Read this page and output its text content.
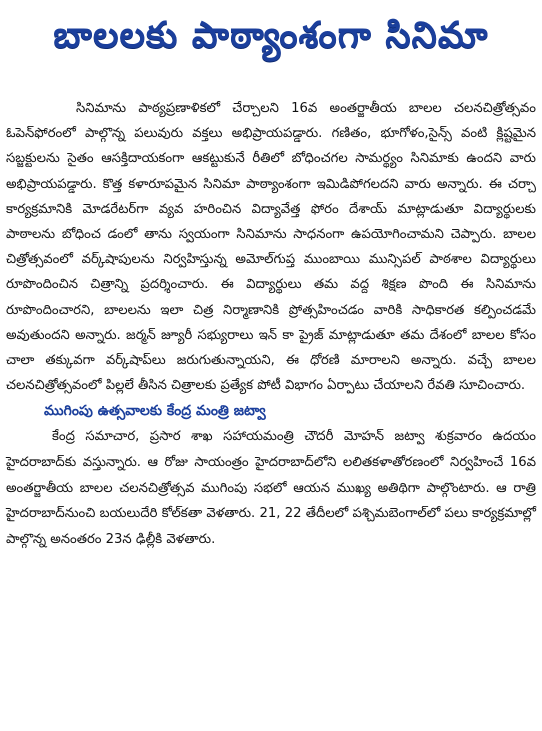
బాలలకు పాఠ్యాంశంగా సినిమా

సినిమాను పాఠ్యప్రణాళికలో చేర్చాలని 16వ అంతర్జాతీయ బాలల చలనచిత్రోత్సవం ఓపెన్‌ఫోరంలో పాల్గొన్న పలువురు వక్తలు అభిప్రాయపడ్డారు. గణితం, భూగోళం,సైన్స్ వంటి క్లిష్టమైన సబ్జక్టులను సైతం ఆసక్తిదాయకంగా ఆకట్టుకునే రీతిలో బోధించగల సామర్థ్యం సినిమాకు ఉందని వారు అభిప్రాయపడ్డారు. కొత్త కళారూపమైన సినిమా పాఠ్యాంశంగా ఇమిడిపోగలదని వారు అన్నారు. ఈ చర్చా కార్యక్రమానికి మోడరేటర్‌గా వ్యవ హరించిన విద్యావేత్త ఫోరం దేశాయ్ మాట్లాడుతూ విద్యార్థులకు పాఠాలను బోధించ డంలో తాను స్వయంగా సినిమాను సాధనంగా ఉపయోగించామని చెప్పారు. బాలల చిత్రోత్సవంలో వర్క్‌షాపులను నిర్వహిస్తున్న అమోల్‌గుప్త ముంబాయి మున్సిపల్ పాఠశాల విద్యార్థులు రూపొందించిన చిత్రాన్ని ప్రదర్శించారు. ఈ విద్యార్థులు తమ వద్ద శిక్షణ పొంది ఈ సినిమాను రూపొందించారని, బాలలను ఇలా చిత్ర నిర్మాణానికి ప్రోత్సహించడం వారికి సాధికారత కల్పించడమే అవుతుందని అన్నారు. జర్మన్ జ్యూరీ సభ్యురాలు ఇన్ కా ప్రైజ్ మాట్లాడుతూ తమ దేశంలో బాలల కోసం చాలా తక్కువగా వర్క్‌షాప్‌లు జరుగుతున్నాయని, ఈ ధోరణి మారాలని అన్నారు. వచ్చే బాలల చలనచిత్రోత్సవంలో పిల్లలే తీసిన చిత్రాలకు ప్రత్యేక పోటీ విభాగం ఏర్పాటు చేయాలని రేవతి సూచించారు.

ముగింపు ఉత్సవాలకు కేంద్ర మంత్రి జట్వా

కేంద్ర సమాచార, ప్రసార శాఖ సహాయమంత్రి చౌదరీ మోహన్ జట్వా శుక్రవారం ఉదయం హైదరాబాద్‌కు వస్తున్నారు. ఆ రోజు సాయంత్రం హైదరాబాద్‌లోని లలితకళాతోరణంలో నిర్వహించే 16వ అంతర్జాతీయ బాలల చలనచిత్రోత్సవ ముగింపు సభలో ఆయన ముఖ్య అతిథిగా పాల్గొంటారు. ఆ రాత్రి హైదరాబాద్‌నుంచి బయలుదేరి కోల్‌కతా వెళతారు. 21, 22 తేదీలలో పశ్చిమబెంగాల్‌లో పలు కార్యక్రమాల్లో పాల్గొన్న అనంతరం 23న ఢిల్లీకి వెళతారు.
